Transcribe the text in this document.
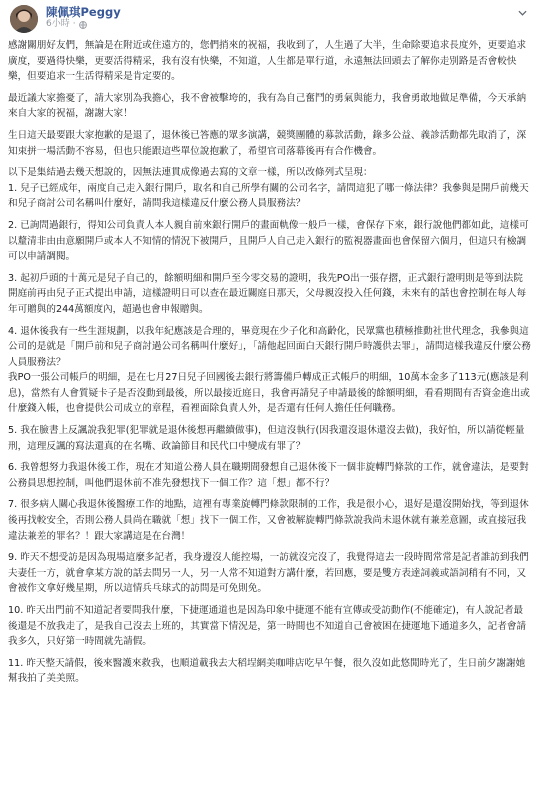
陳佩琪Peggy
6小時 ·

感謝關朋好友們，無論是在附近或住遠方的，您們捎來的祝福，我收到了，人生過了大半，生命除要追求長度外，更要追求廣度，要過得快樂，更要活得精采，我有沒有快樂，不知道，人生都是單行道，永遠無法回頭去了解你走別路是否會較快樂，但要追求一生活得精采是肯定要的。

最近議大家擔憂了，請大家別為我擔心，我不會被擊垮的，我有為自己奮鬥的勇氣與能力，我會勇敢地做足準備，今天承納來自大家的祝福，謝謝大家！

生日這天最要跟大家抱歉的是退了，退休後已答應的眾多演講，競獎團體的募款活動，錄多公益、義診活動都先取消了，深知束拼一場活動不容易，但也只能跟這些單位說抱歉了，希望官司落幕後再有合作機會。

以下是集結過去幾天想說的，因無法連貫成像過去寫的文章一樣，所以改條列式呈現：
1. 兒子已經成年，兩度自己走入銀行開戶，取名和自己所學有關的公司名字，請問這犯了哪一條法律？我參與是開戶前幾天和兒子商討公司名稱叫什麼好，請問我這樣違反什麼公務人員服務法？

2. 已詢問過銀行，得知公司負責人本人親自前來銀行開戶的畫面軌像一般戶一樣，會保存下來，銀行說他們都如此，這樣可以釐清非由由意願開戶或本人不知情的情況下被開戶，且開戶人自己走入銀行的監視器畫面也會保留六個月，但這只有檢調可以申請調閱。

3. 起初戶頭的十萬元是兒子自己的，餘額明細和開戶至今零交易的證明，我先PO出一張存摺，正式銀行證明則是等到法院開庭前再由兒子正式提出申請，這樣證明日可以查在最近關庭日那天，父母親沒投入任何錢，未來有的話也會控制在每人每年可贈與的244萬額度內，超過也會申報贈與。

4. 退休後我有一些生涯規劃，以我年紀應該是合理的，畢竟現在少子化和高齡化，民眾黨也積極推動社世代理念，我參與這公司的是就是「開戶前和兒子商討過公司名稱叫什麼好」，「請他起回面白天銀行開戶時護供去罪」，請問這樣我違反什麼公務人員服務法？
我PO一張公司帳戶的明細，是在七月27日兒子回國後去銀行將籌備戶轉成正式帳戶的明細，10萬本金多了113元(應該是利息)，當然有人會質疑卡子是否沒動到最後，所以最接近庭日，我會再請兒子申請最後的餘額明細，看看期間有否資金進出或什麼錢入帳，也會提供公司成立的章程，看裡面除負責人外，是否還有任何人擔任任何職務。

5. 我在臉書上反諷說我犯罪(犯罪就是退休後想再繼續做事)，但這沒執行(因我還沒退休還沒去做)，我好怕，所以請從輕量刑，這理反諷的寫法還真的在名嘴、政論節目和民代口中變成有罪了？

6. 我曾想努力我退休後工作，現在才知道公務人員在職期間發想自己退休後下一個非旋轉門條款的工作，就會違法，是要對公務員思想控制，叫他們退休前不准先發想找下一個工作？這「想」都不行？

7. 很多病人關心我退休後醫療工作的地點，這裡有專業旋轉門條款限制的工作，我是很小心，退好是還沒開始找，等到退休後再找較安全，否則公務人員尚在職就「想」找下一個工作，又會被解旋轉門條款說我尚未退休就有兼差意圖，或直接冠我違法兼差的罪名？！跟大家講這是在台灣！

9. 昨天不想受訪是因為現場這麼多記者，我身邊沒人能控場，一訪就沒完沒了，我覺得這去一段時間常常是記者誰訪到我們夫妻任一方，就會拿某方說的話去問另一人，另一人常不知道對方講什麼，若回應，要是雙方表達詞義或語詞稍有不同，又會被作文拿好幾星期，所以這情兵乓球式的訪問是可免則免。

10. 昨天出門前不知道記者要問我什麼，下捷運通道也是因為印象中捷運不能有宣傳或受訪動作(不能確定)，有人說記者最後還是不放我走了，是我自己沒去上班的，其實當下情況是，第一時間也不知道自己會被困在捷運地下通道多久，記者會請我多久，只好第一時間就先請假。

11. 昨天整天請假，後來醫護來救我，也順道載我去大稻埕網美咖啡店吃早午餐，很久沒如此悠閒時光了，生日前夕謝謝她幫我拍了美美照。
